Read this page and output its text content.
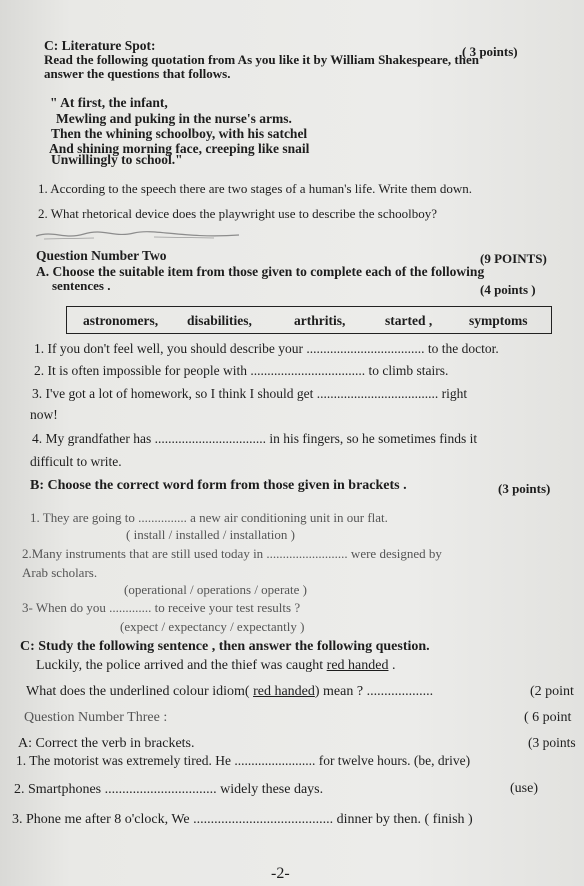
C: Literature Spot:	( 3 points)
Read the following quotation from As you like it by William Shakespeare, then
answer the questions that follows.
" At first, the infant,
Mewling and puking in the nurse's arms.
Then the whining schoolboy, with his satchel
And shining morning face, creeping like snail
Unwillingly to school."
1. According to the speech there are two stages of a human's life. Write them down.
2. What rhetorical device does the playwright use to describe the schoolboy?
Question Number Two	(9 POINTS)
A. Choose the suitable item from those given to complete each of the following
sentences .	(4 points )
astronomers, disabilities,	arthritis,	started ,	symptoms
1. If you don't feel well, you should describe your ................................... to the doctor.
2. It is often impossible for people with .................................. to climb stairs.
3. I've got a lot of homework, so I think I should get .................................... right
now!
4. My grandfather has ................................. in his fingers, so he sometimes finds it
difficult to write.
B: Choose the correct word form from those given in brackets .	(3 points)
1. They are going to ............... a new air conditioning unit in our flat.
( install / installed / installation )
2.Many instruments that are still used today in ......................... were designed by
Arab scholars.
(operational / operations / operate )
3- When do you ............. to receive your test results ?
(expect / expectancy / expectantly )
C: Study the following sentence , then answer the following question.
Luckily, the police arrived and the thief was caught red handed .
What does the underlined colour idiom( red handed) mean ? ...................	(2 point
Question Number Three :	( 6 point
A: Correct the verb in brackets.	(3 points
1. The motorist was extremely tired. He ........................ for twelve hours. (be, drive)
2. Smartphones ................................ widely these days.	(use)
3. Phone me after 8 o'clock, We ........................................ dinner by then. ( finish )
-2-
